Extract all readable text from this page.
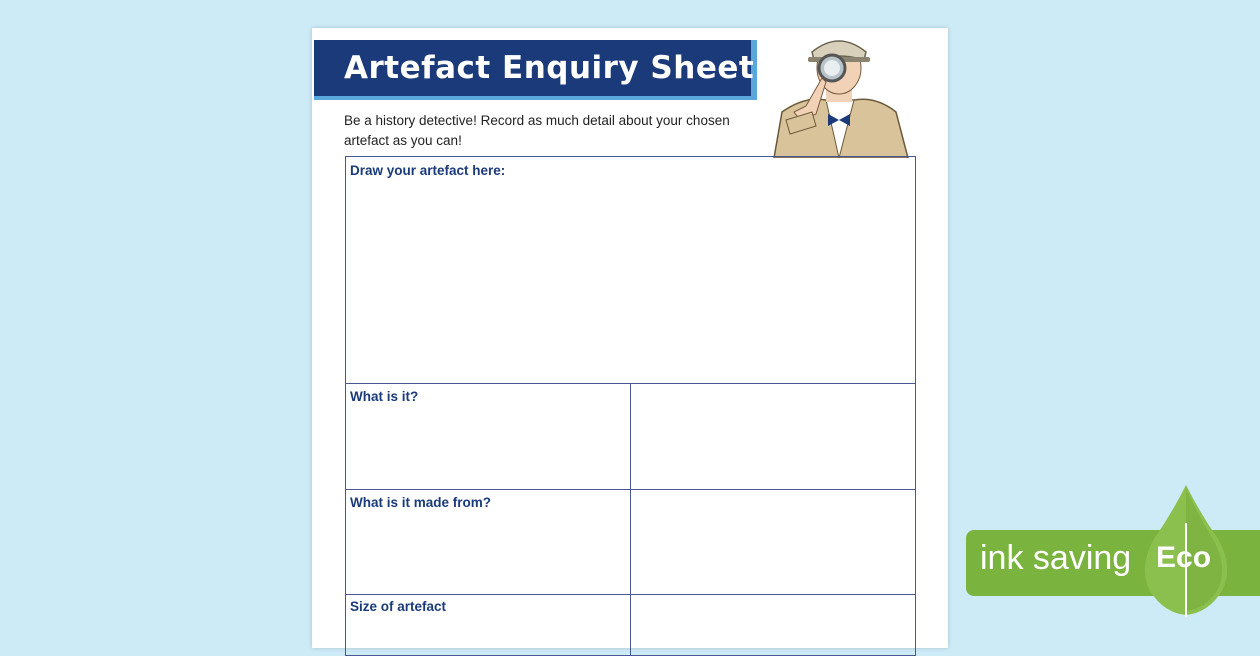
Artefact Enquiry Sheet
Be a history detective! Record as much detail about your chosen
artefact as you can!
Draw your artefact here:
What is it?
What is it made from?
Size of artefact
ink saving Eco
